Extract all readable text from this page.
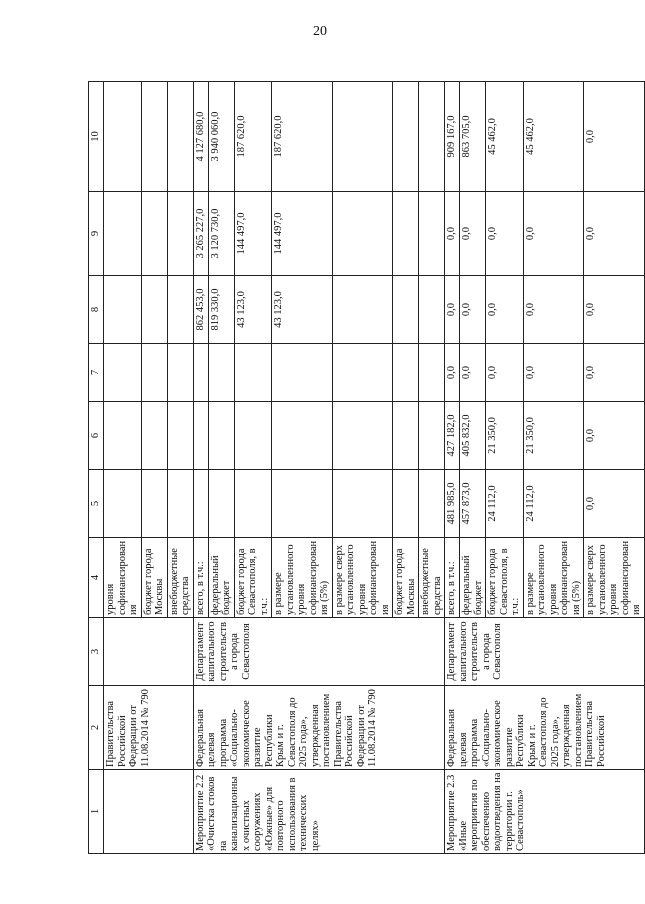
20
1	2	3	4	5	6	7	8	9	10
	Правительства Российской Федерации от 11.08.2014 № 790		уровня софинансирования						
			бюджет города Москвы						
			внебюджетные средства						
Мероприятие 2.2 «Очистка стоков на канализационных очистных сооружениях «Южные» для повторного использования в технических целях»	Федеральная целевая программа «Социально-экономическое развитие Республики Крым и г. Севастополя до 2025 года», утвержденная постановлением Правительства Российской Федерации от 11.08.2014 № 790	Департамент капитального строительства города Севастополя	всего, в т.ч.:				862 453,0	3 265 227,0	4 127 680,0
			федеральный бюджет				819 330,0	3 120 730,0	3 940 060,0
			бюджет города Севастополя, в т.ч.:				43 123,0	144 497,0	187 620,0
			в размере установленного уровня софинансирования (5%)				43 123,0	144 497,0	187 620,0
			в размере сверх установленного уровня софинансирования						
			бюджет города Москвы						
			внебюджетные средства						
Мероприятие 2.3 «Иные мероприятия по обеспечению водоотведения на территории г. Севастополь»	Федеральная целевая программа «Социально-экономическое развитие Республики Крым и г. Севастополя до 2025 года», утвержденная постановлением Правительства Российской	Департамент капитального строительства города Севастополя	всего, в т.ч.:	481 985,0	427 182,0	0,0	0,0	0,0	909 167,0
			федеральный бюджет	457 873,0	405 832,0	0,0	0,0	0,0	863 705,0
			бюджет города Севастополя, в т.ч.:	24 112,0	21 350,0	0,0	0,0	0,0	45 462,0
			в размере установленного уровня софинансирования (5%)	24 112,0	21 350,0	0,0	0,0	0,0	45 462,0
			в размере сверх установленного уровня софинансирования	0,0	0,0	0,0	0,0	0,0	0,0
